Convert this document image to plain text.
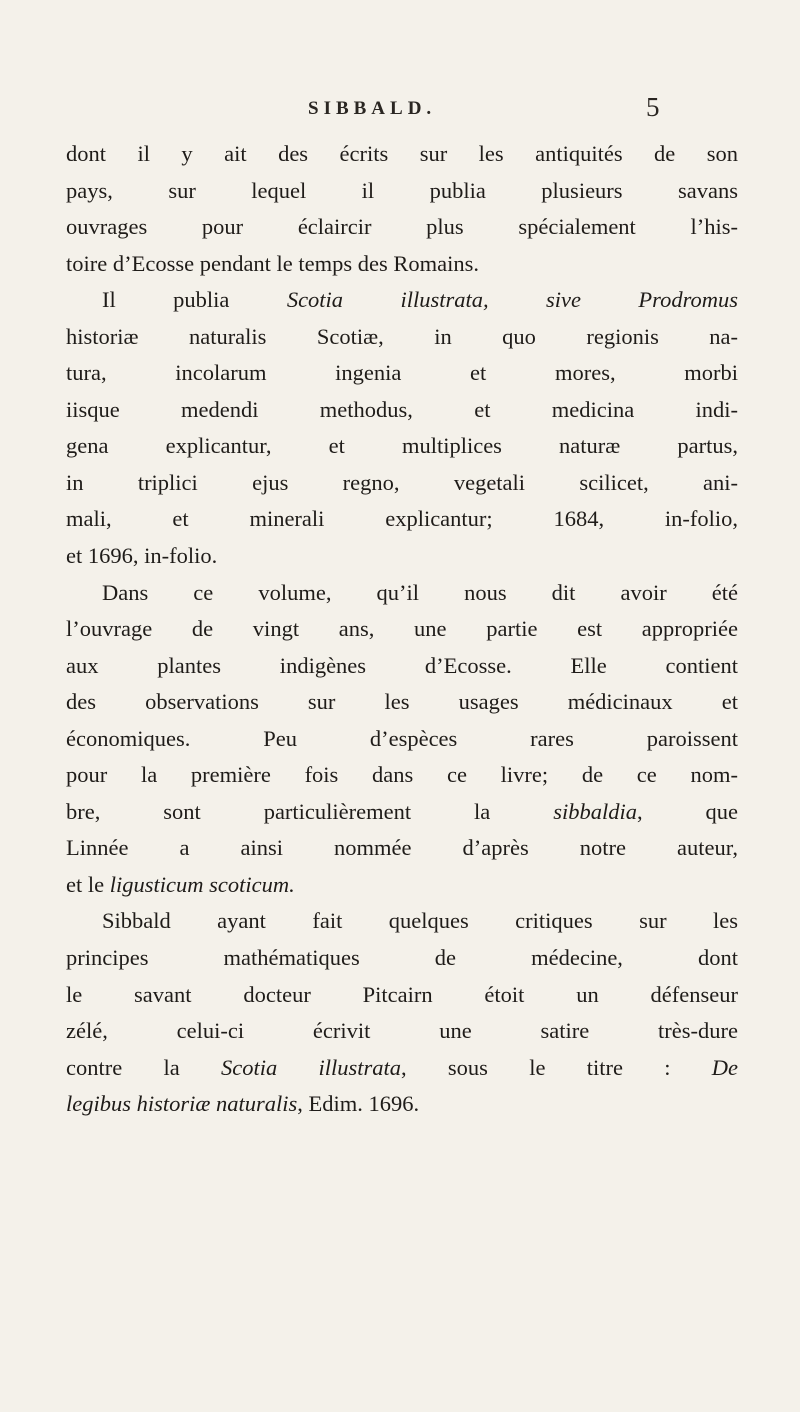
SIBBALD.	5
dont il y ait des écrits sur les antiquités de son
pays, sur lequel il publia plusieurs savans
ouvrages pour éclaircir plus spécialement l’his-
toire d’Ecosse pendant le temps des Romains.
Il publia Scotia illustrata, sive Prodromus
historiæ naturalis Scotiæ, in quo regionis na-
tura, incolarum ingenia et mores, morbi
iisque medendi methodus, et medicina indi-
gena explicantur, et multiplices naturæ partus,
in triplici ejus regno, vegetali scilicet, ani-
mali, et minerali explicantur; 1684, in-folio,
et 1696, in-folio.
Dans ce volume, qu’il nous dit avoir été
l’ouvrage de vingt ans, une partie est appropriée
aux plantes indigènes d’Ecosse. Elle contient
des observations sur les usages médicinaux et
économiques. Peu d’espèces rares paroissent
pour la première fois dans ce livre; de ce nom-
bre, sont particulièrement la sibbaldia, que
Linnée a ainsi nommée d’après notre auteur,
et le ligusticum scoticum.
Sibbald ayant fait quelques critiques sur les
principes mathématiques de médecine, dont
le savant docteur Pitcairn étoit un défenseur
zélé, celui-ci écrivit une satire très-dure
contre la Scotia illustrata, sous le titre : De
legibus historiæ naturalis, Edim. 1696.
